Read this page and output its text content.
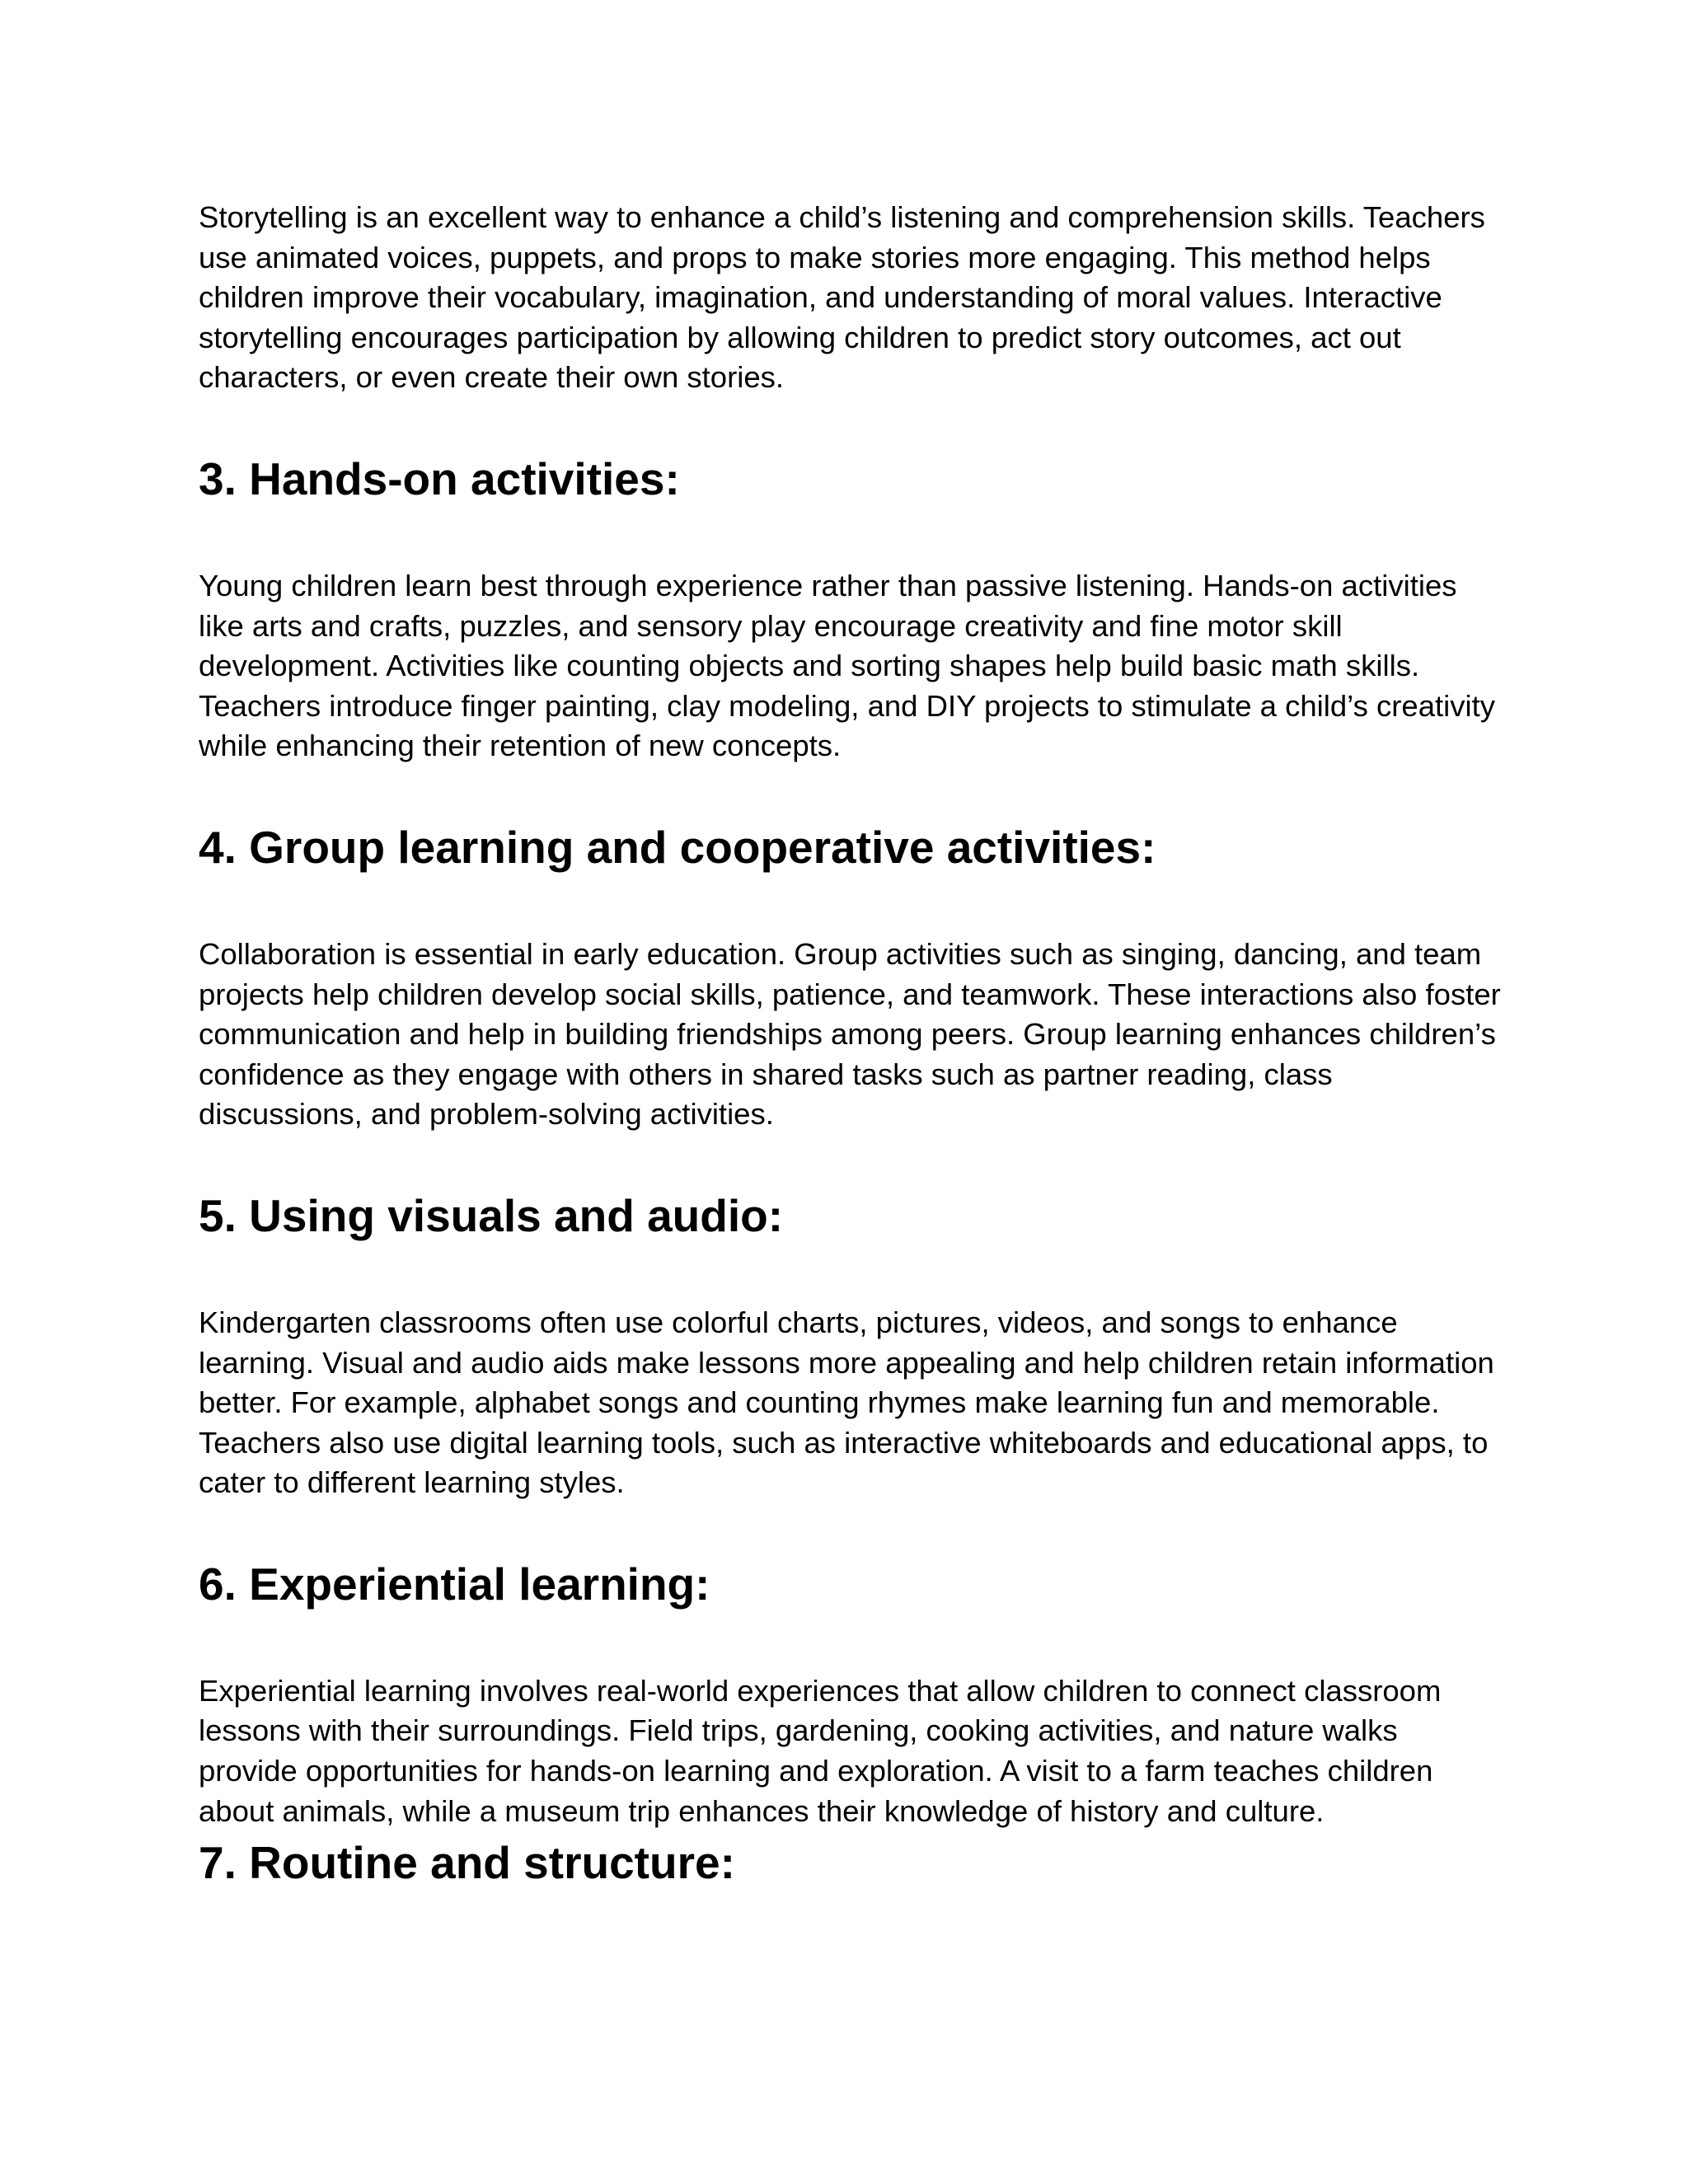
Storytelling is an excellent way to enhance a child’s listening and comprehension skills. Teachers use animated voices, puppets, and props to make stories more engaging. This method helps children improve their vocabulary, imagination, and understanding of moral values. Interactive storytelling encourages participation by allowing children to predict story outcomes, act out characters, or even create their own stories.

3. Hands-on activities:

Young children learn best through experience rather than passive listening. Hands-on activities like arts and crafts, puzzles, and sensory play encourage creativity and fine motor skill development. Activities like counting objects and sorting shapes help build basic math skills. Teachers introduce finger painting, clay modeling, and DIY projects to stimulate a child’s creativity while enhancing their retention of new concepts.

4. Group learning and cooperative activities:

Collaboration is essential in early education. Group activities such as singing, dancing, and team projects help children develop social skills, patience, and teamwork. These interactions also foster communication and help in building friendships among peers. Group learning enhances children’s confidence as they engage with others in shared tasks such as partner reading, class discussions, and problem-solving activities.

5. Using visuals and audio:

Kindergarten classrooms often use colorful charts, pictures, videos, and songs to enhance learning. Visual and audio aids make lessons more appealing and help children retain information better. For example, alphabet songs and counting rhymes make learning fun and memorable. Teachers also use digital learning tools, such as interactive whiteboards and educational apps, to cater to different learning styles.

6. Experiential learning:

Experiential learning involves real-world experiences that allow children to connect classroom lessons with their surroundings. Field trips, gardening, cooking activities, and nature walks provide opportunities for hands-on learning and exploration. A visit to a farm teaches children about animals, while a museum trip enhances their knowledge of history and culture.

7. Routine and structure:
